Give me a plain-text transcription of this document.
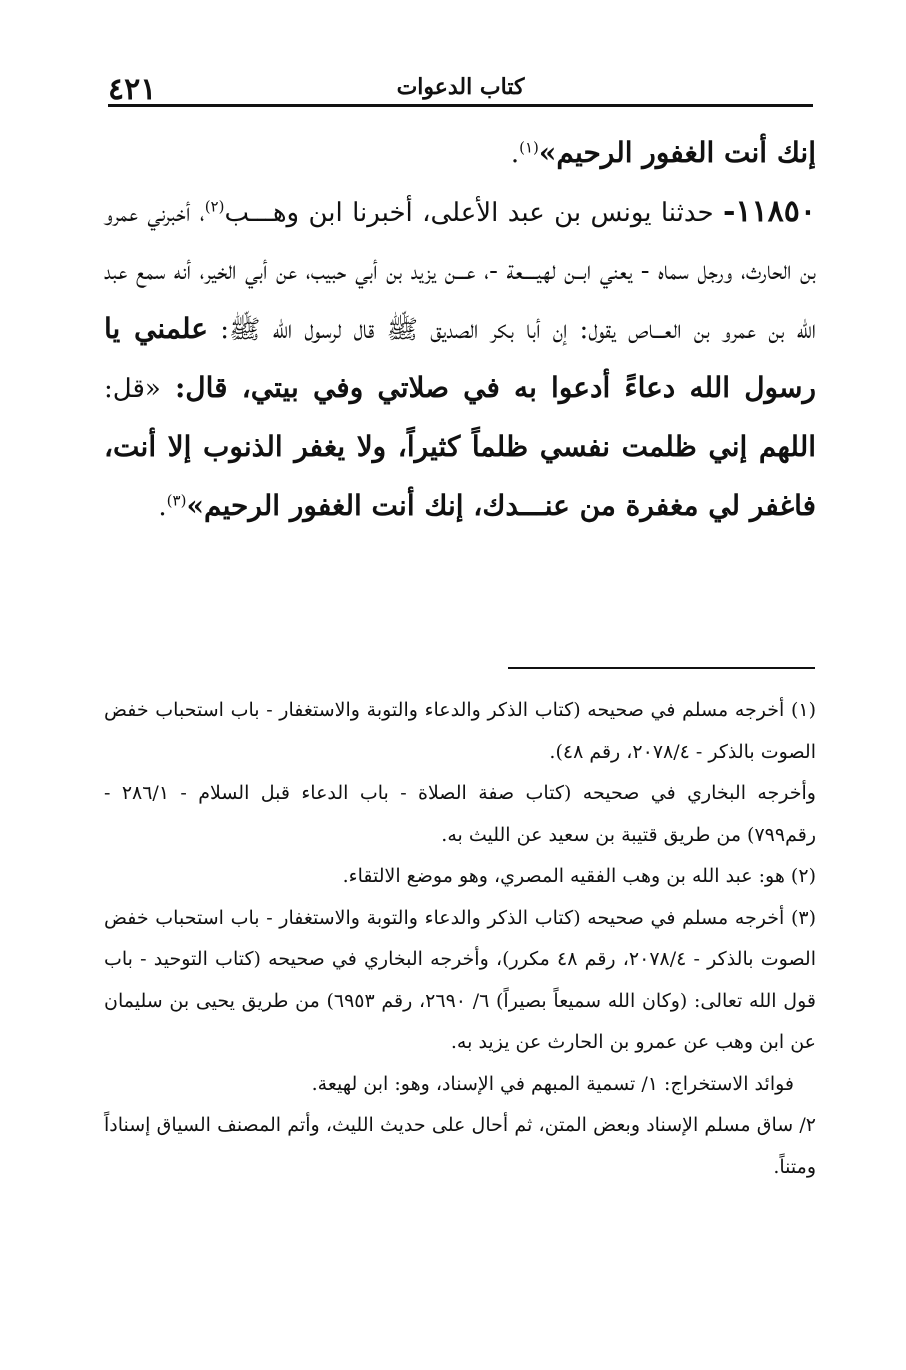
٤٢١	كتاب الدعوات

إنك أنت الغفور الرحيم»$^{(١)}$.

١١٨٥٠- حدثنا يونس بن عبد الأعلى، أخبرنا ابن وهـــب$^{(٢)}$، أخبرني عمرو بن الحارث، ورجل سماه - يعني ابــن لهيــــعة -، عـــن يزيد بن أبي حبيب، عن أبي الخير، أنه سمع عبد الله بن عمرو بن العـــاص يقول: إن أبا بكر الصديق ﷺ قال لرسول الله ﷺ: علمني يا رسول الله دعاءً أدعوا به في صلاتي وفي بيتي، قال: «قل: اللهم إني ظلمت نفسي ظلماً كثيراً، ولا يغفر الذنوب إلا أنت، فاغفر لي مغفرة من عنـــدك، إنك أنت الغفور الرحيم»$^{(٣)}$.

(١) أخرجه مسلم في صحيحه (كتاب الذكر والدعاء والتوبة والاستغفار - باب استحباب خفض الصوت بالذكر - ٢٠٧٨/٤، رقم ٤٨).

وأخرجه البخاري في صحيحه (كتاب صفة الصلاة - باب الدعاء قبل السلام - ٢٨٦/١ - رقم٧٩٩) من طريق قتيبة بن سعيد عن الليث به.

(٢) هو: عبد الله بن وهب الفقيه المصري، وهو موضع الالتقاء.

(٣) أخرجه مسلم في صحيحه (كتاب الذكر والدعاء والتوبة والاستغفار - باب استحباب خفض الصوت بالذكر - ٢٠٧٨/٤، رقم ٤٨ مكرر)، وأخرجه البخاري في صحيحه (كتاب التوحيد - باب قول الله تعالى: (وكان الله سميعاً بصيراً) ٦/ ٢٦٩٠، رقم ٦٩٥٣) من طريق يحيى بن سليمان عن ابن وهب عن عمرو بن الحارث عن يزيد به.

فوائد الاستخراج: ١/ تسمية المبهم في الإسناد، وهو: ابن لهيعة.

٢/ ساق مسلم الإسناد وبعض المتن، ثم أحال على حديث الليث، وأتم المصنف السياق إسناداً ومتناً.
